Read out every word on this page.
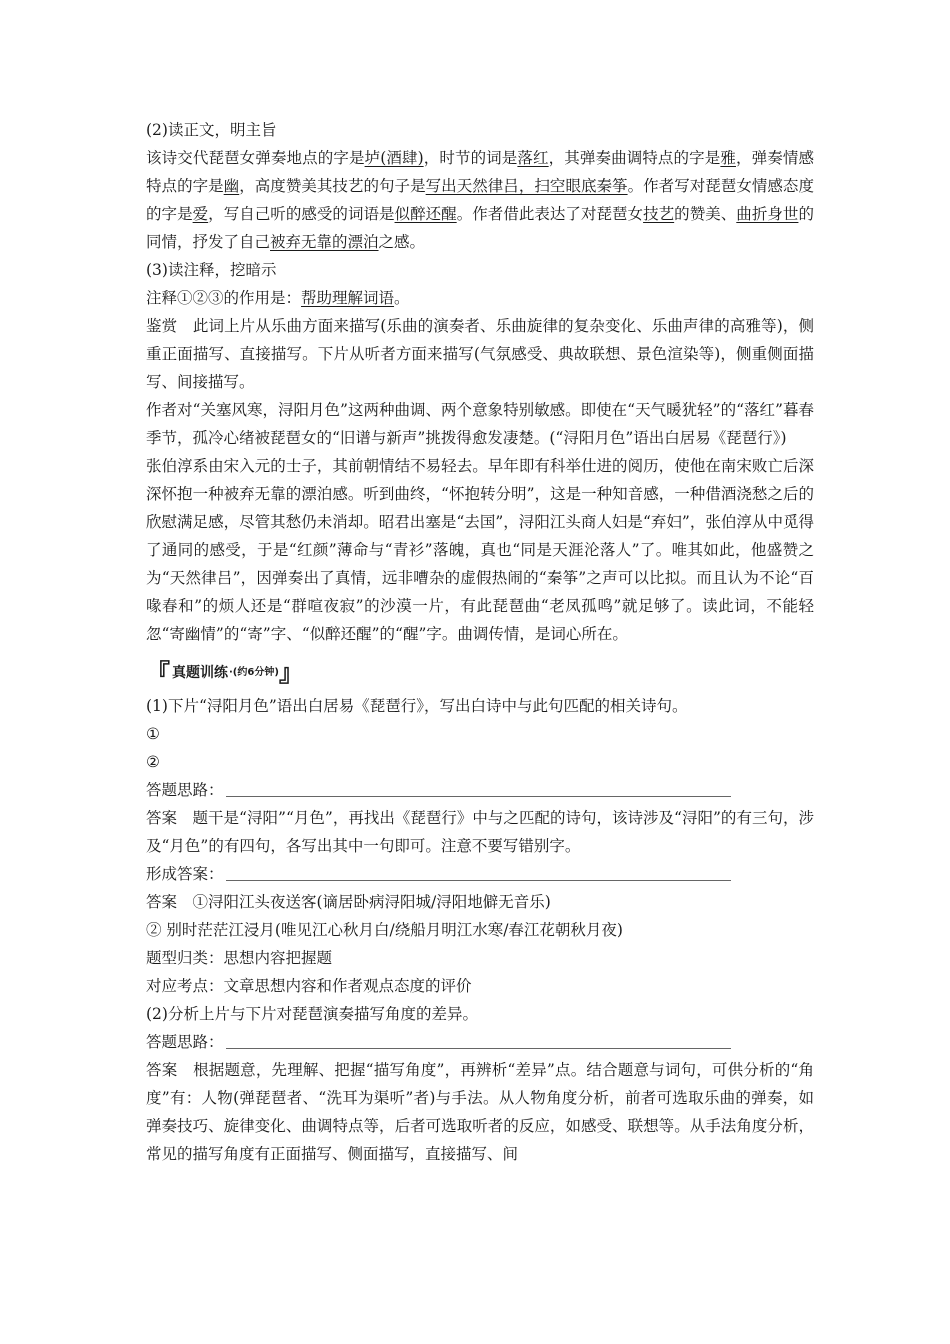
(2)读正文，明主旨

该诗交代琵琶女弹奏地点的字是垆(酒肆)，时节的词是落红，其弹奏曲调特点的字是雅，弹奏情感特点的字是幽，高度赞美其技艺的句子是写出天然律吕，扫空眼底秦筝。作者写对琵琶女情感态度的字是爱，写自己听的感受的词语是似醉还醒。作者借此表达了对琵琶女技艺的赞美、曲折身世的同情，抒发了自己被弃无靠的漂泊之感。

(3)读注释，挖暗示

注释①②③的作用是：帮助理解词语。

鉴赏　此词上片从乐曲方面来描写(乐曲的演奏者、乐曲旋律的复杂变化、乐曲声律的高雅等)，侧重正面描写、直接描写。下片从听者方面来描写(气氛感受、典故联想、景色渲染等)，侧重侧面描写、间接描写。

作者对“关塞风寒，浔阳月色”这两种曲调、两个意象特别敏感。即使在“天气暖犹轻”的“落红”暮春季节，孤冷心绪被琵琶女的“旧谱与新声”挑拨得愈发凄楚。(“浔阳月色”语出白居易《琵琶行》)

张伯淳系由宋入元的士子，其前朝情结不易轻去。早年即有科举仕进的阅历，使他在南宋败亡后深深怀抱一种被弃无靠的漂泊感。听到曲终，“怀抱转分明”，这是一种知音感，一种借酒浇愁之后的欣慰满足感，尽管其愁仍未消却。昭君出塞是“去国”，浔阳江头商人妇是“弃妇”，张伯淳从中觅得了通同的感受，于是“红颜”薄命与“青衫”落魄，真也“同是天涯沦落人”了。唯其如此，他盛赞之为“天然律吕”，因弹奏出了真情，远非嘈杂的虚假热闹的“秦筝”之声可以比拟。而且认为不论“百喙春和”的烦人还是“群喧夜寂”的沙漠一片，有此琵琶曲“老凤孤鸣”就足够了。读此词，不能轻忽“寄幽情”的“寄”字、“似醉还醒”的“醒”字。曲调传情，是词心所在。

『 真题训练 ·(约6分钟) 』

(1)下片“浔阳月色”语出白居易《琵琶行》，写出白诗中与此句匹配的相关诗句。

①

②

答题思路：

答案　题干是“浔阳”“月色”，再找出《琵琶行》中与之匹配的诗句，该诗涉及“浔阳”的有三句，涉及“月色”的有四句，各写出其中一句即可。注意不要写错别字。

形成答案：

答案　①浔阳江头夜送客(谪居卧病浔阳城/浔阳地僻无音乐)

② 别时茫茫江浸月(唯见江心秋月白/绕船月明江水寒/春江花朝秋月夜)

题型归类：思想内容把握题

对应考点：文章思想内容和作者观点态度的评价

(2)分析上片与下片对琵琶演奏描写角度的差异。

答题思路：

答案　根据题意，先理解、把握“描写角度”，再辨析“差异”点。结合题意与词句，可供分析的“角度”有：人物(弹琵琶者、“洗耳为渠听”者)与手法。从人物角度分析，前者可选取乐曲的弹奏，如弹奏技巧、旋律变化、曲调特点等，后者可选取听者的反应，如感受、联想等。从手法角度分析，常见的描写角度有正面描写、侧面描写，直接描写、间
